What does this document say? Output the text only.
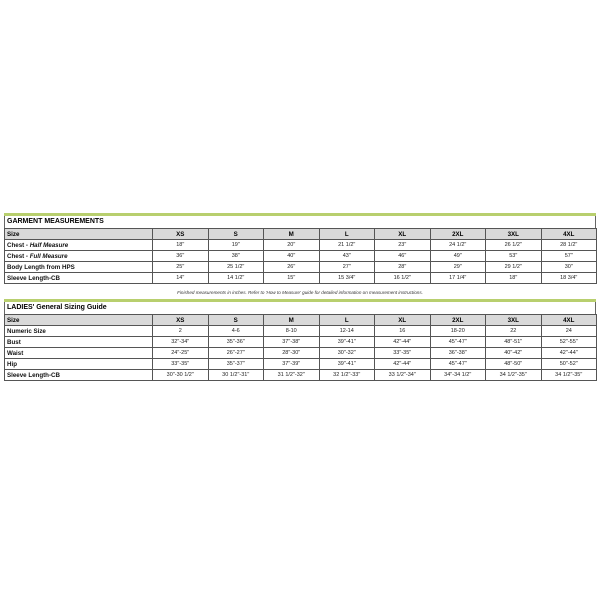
GARMENT MEASUREMENTS
Size	XS	S	M	L	XL	2XL	3XL	4XL
Chest - Half Measure	18"	19"	20"	21 1/2"	23"	24 1/2"	26 1/2"	28 1/2"
Chest - Full Measure	36"	38"	40"	43"	46"	49"	53"	57"
Body Length from HPS	25"	25 1/2"	26"	27"	28"	29"	29 1/2"	30"
Sleeve Length-CB	14"	14 1/2"	15"	15 3/4"	16 1/2"	17 1/4"	18"	18 3/4"
Finished measurements in inches. Refer to 'How to Measure' guide for detailed information on measurement instructions.
LADIES' General Sizing Guide
Size	XS	S	M	L	XL	2XL	3XL	4XL
Numeric Size	2	4-6	8-10	12-14	16	18-20	22	24
Bust	32"-34"	35"-36"	37"-38"	39"-41"	42"-44"	45"-47"	48"-51"	52"-55"
Waist	24"-25"	26"-27"	28"-30"	30"-32"	33"-35"	36"-38"	40"-42"	42"-44"
Hip	33"-35"	35"-37"	37"-39"	39"-41"	42"-44"	45"-47"	48"-50"	50"-52"
Sleeve Length-CB	30"-30 1/2"	30 1/2"-31"	31 1/2"-32"	32 1/2"-33"	33 1/2"-34"	34"-34 1/2"	34 1/2"-35"	34 1/2"-35"
